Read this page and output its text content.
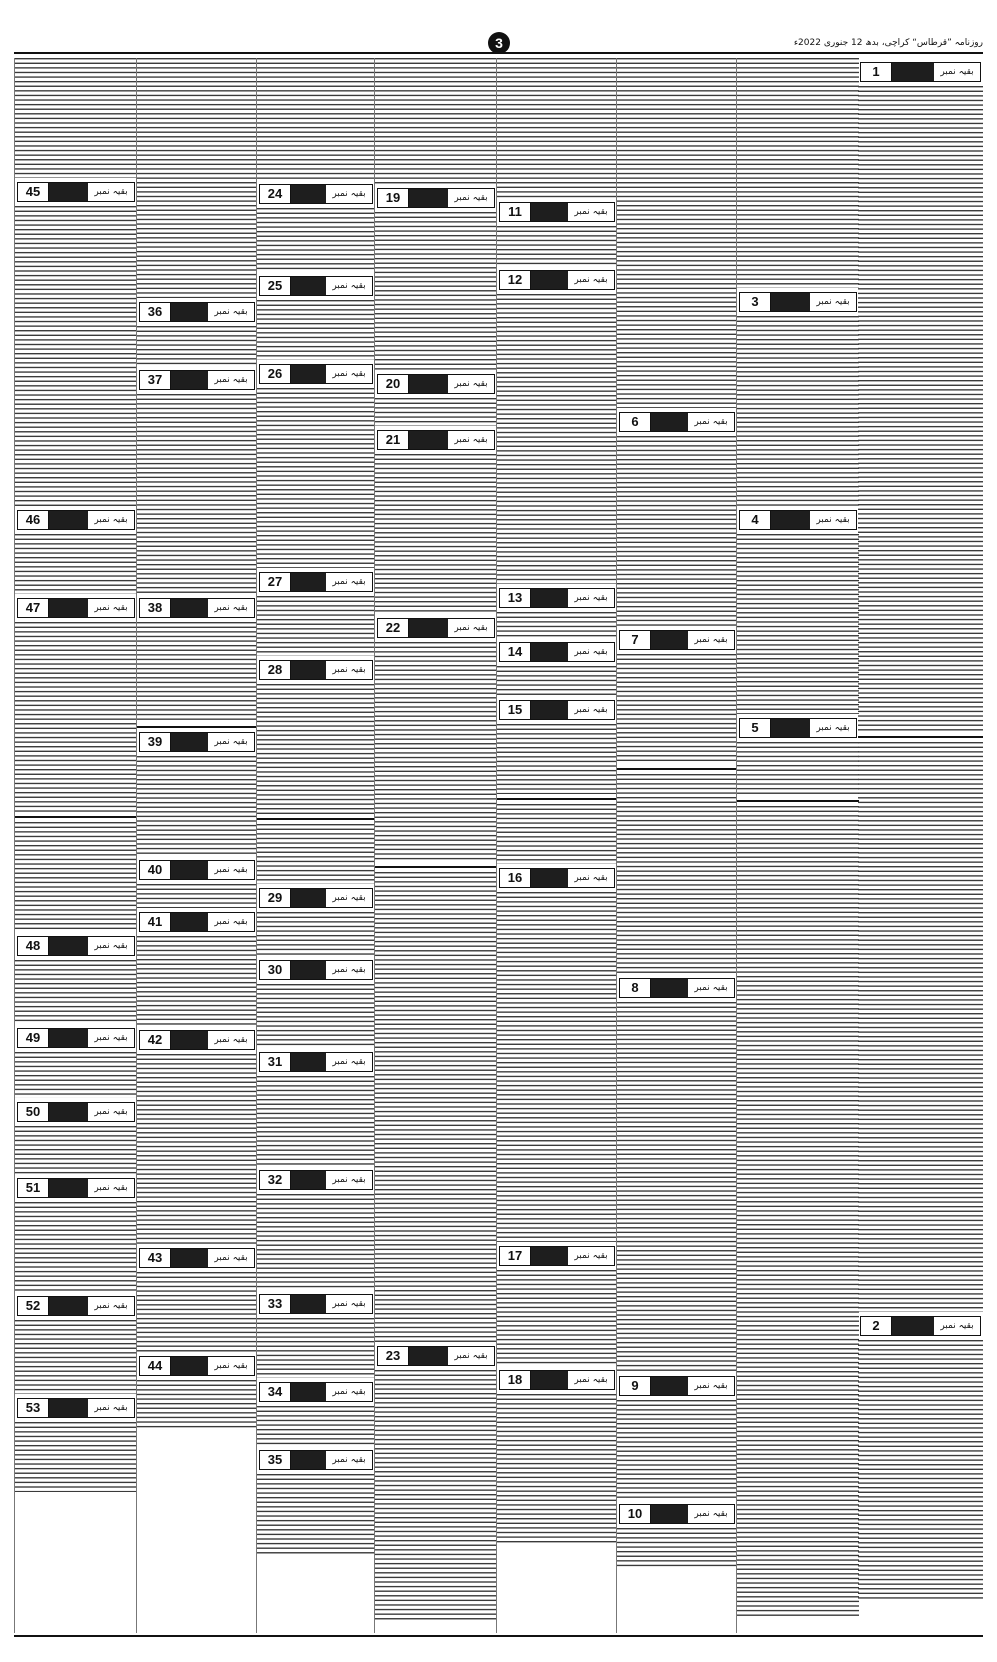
3	روزنامہ ”قرطاس“ کراچی، بدھ 12 جنوری 2022ء
45	بقیہ نمبر
46	بقیہ نمبر
47	بقیہ نمبر
48	بقیہ نمبر
49	بقیہ نمبر
50	بقیہ نمبر
51	بقیہ نمبر
52	بقیہ نمبر
53	بقیہ نمبر
36	بقیہ نمبر
37	بقیہ نمبر
38	بقیہ نمبر
39	بقیہ نمبر
40	بقیہ نمبر
41	بقیہ نمبر
42	بقیہ نمبر
43	بقیہ نمبر
44	بقیہ نمبر
24	بقیہ نمبر
25	بقیہ نمبر
26	بقیہ نمبر
27	بقیہ نمبر
28	بقیہ نمبر
29	بقیہ نمبر
30	بقیہ نمبر
31	بقیہ نمبر
32	بقیہ نمبر
33	بقیہ نمبر
34	بقیہ نمبر
35	بقیہ نمبر
19	بقیہ نمبر
20	بقیہ نمبر
21	بقیہ نمبر
22	بقیہ نمبر
23	بقیہ نمبر
11	بقیہ نمبر
12	بقیہ نمبر
13	بقیہ نمبر
14	بقیہ نمبر
15	بقیہ نمبر
16	بقیہ نمبر
17	بقیہ نمبر
18	بقیہ نمبر
6	بقیہ نمبر
7	بقیہ نمبر
8	بقیہ نمبر
9	بقیہ نمبر
10	بقیہ نمبر
3	بقیہ نمبر
4	بقیہ نمبر
5	بقیہ نمبر
1	بقیہ نمبر
2	بقیہ نمبر
